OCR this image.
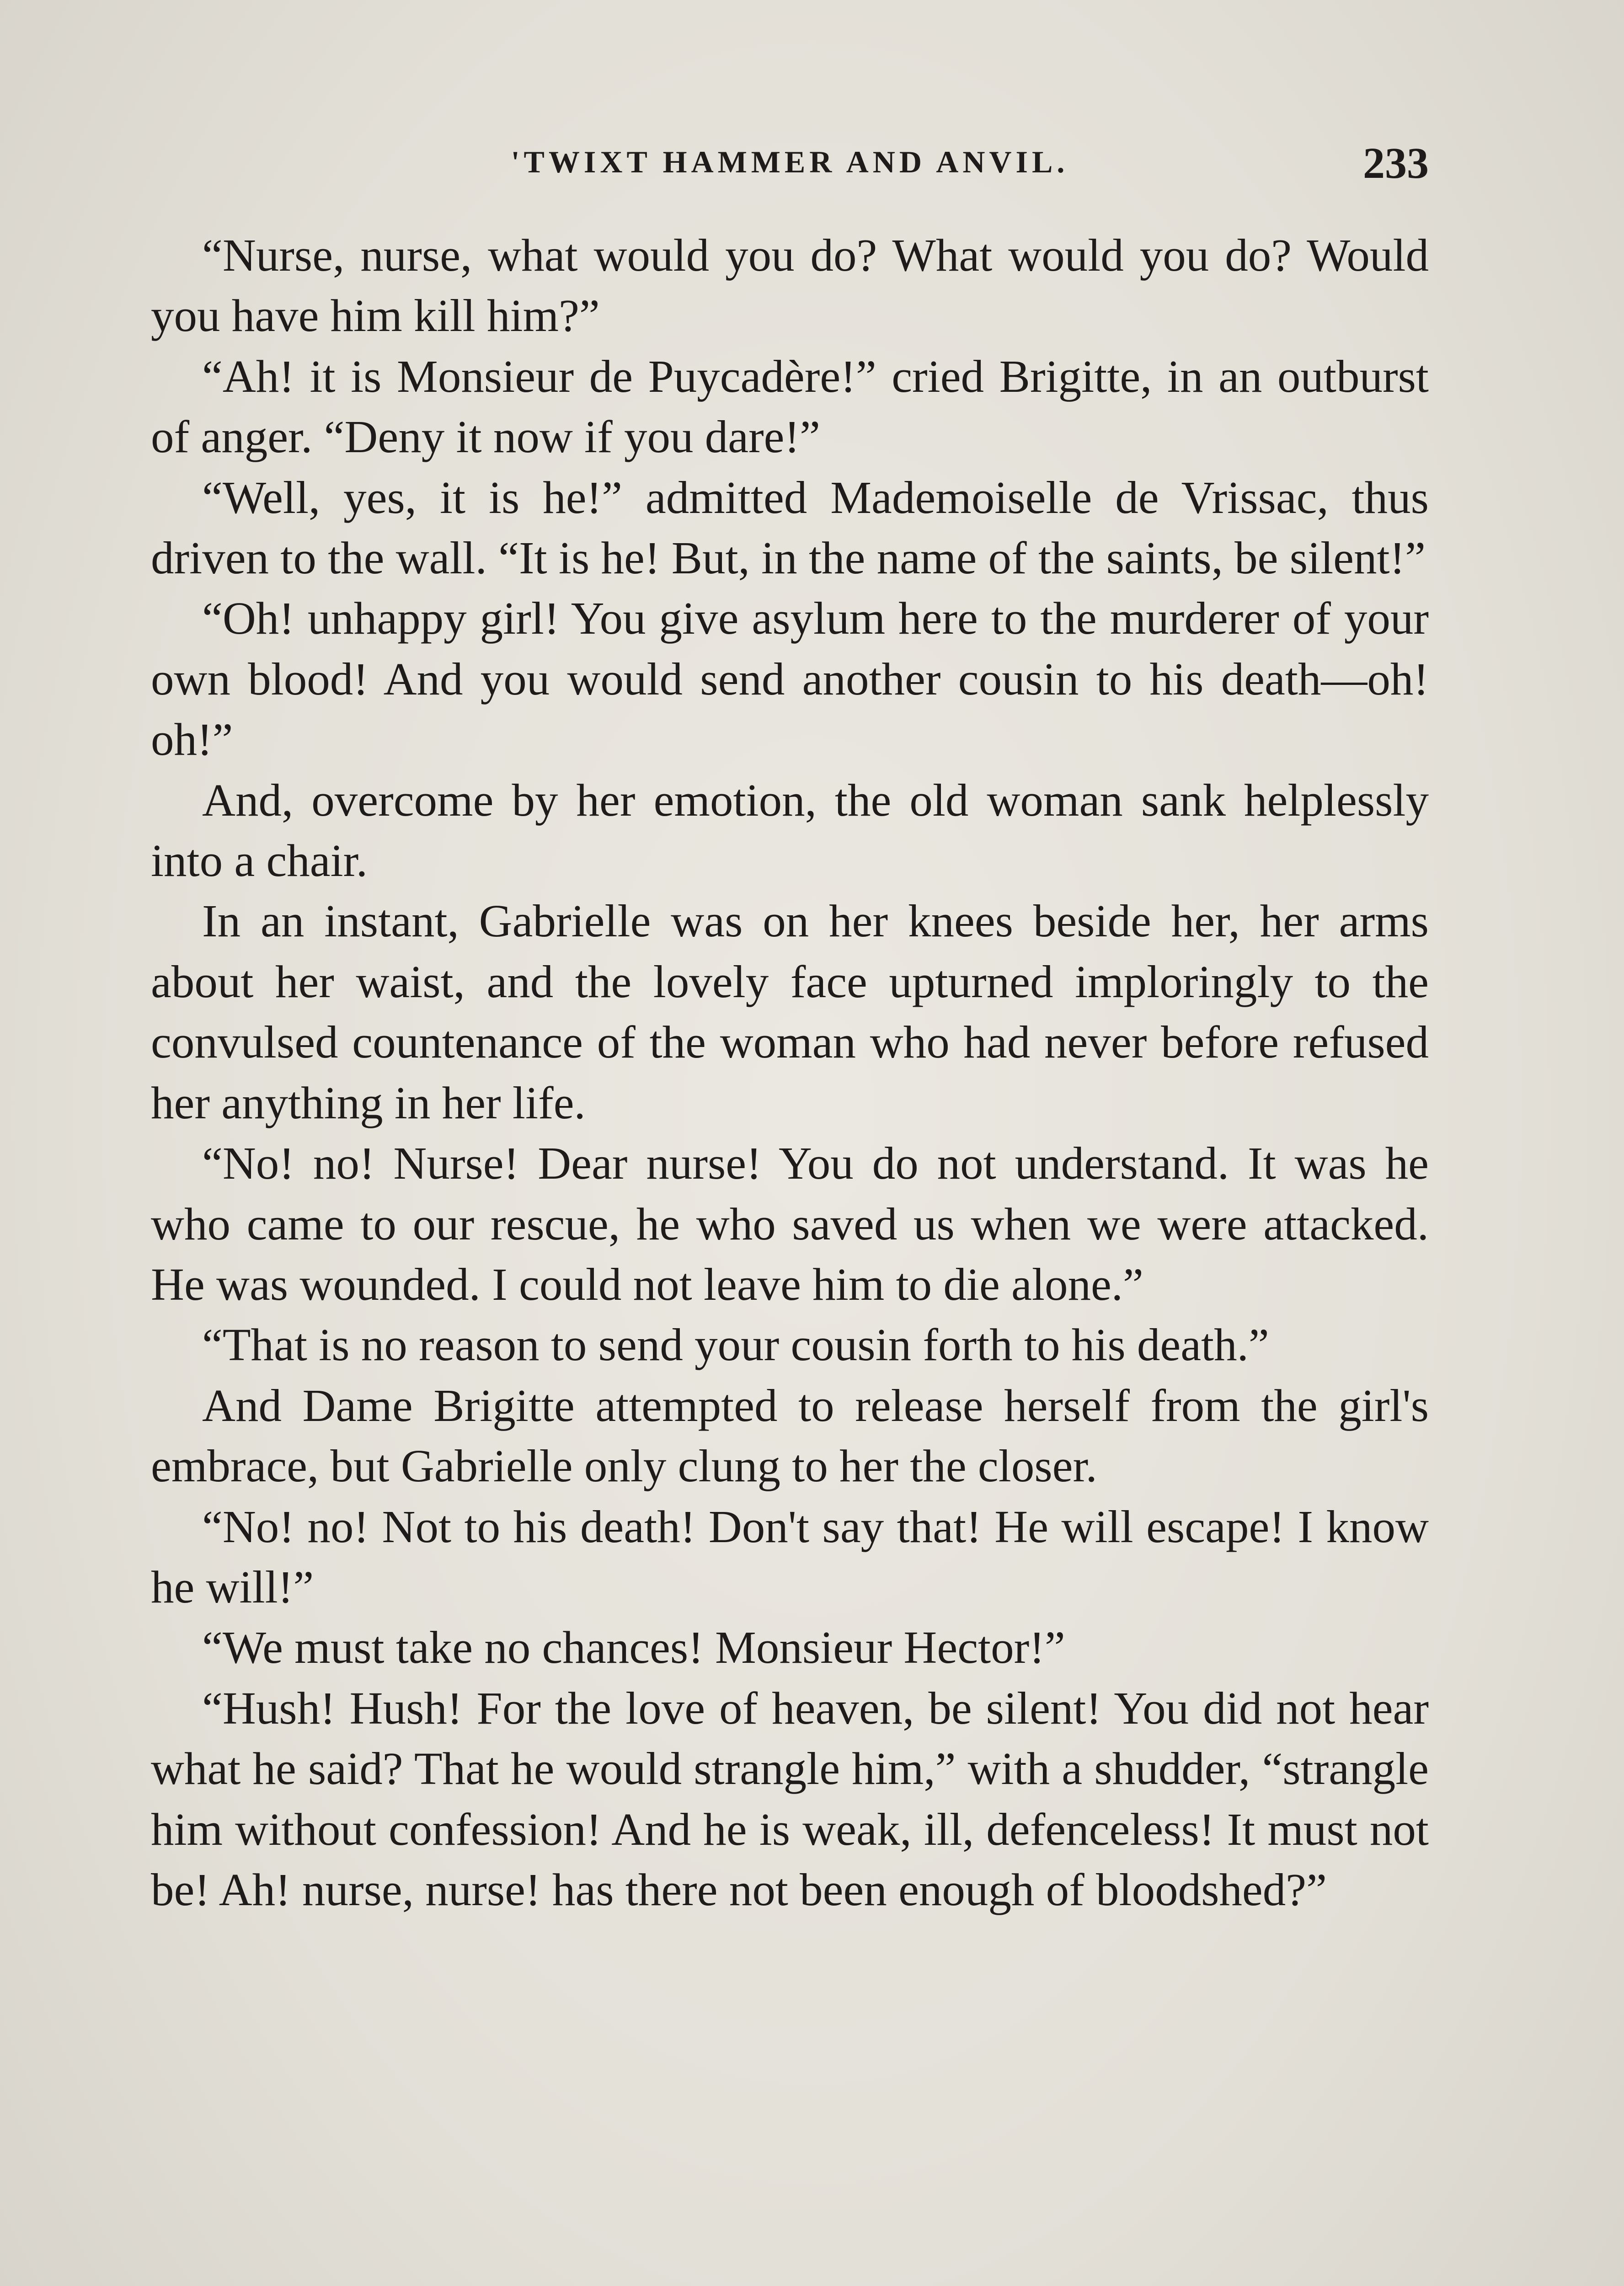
'TWIXT HAMMER AND ANVIL.	233

“Nurse, nurse, what would you do? What would you do? Would you have him kill him?”

“Ah! it is Monsieur de Puycadère!” cried Brigitte, in an outburst of anger. “Deny it now if you dare!”

“Well, yes, it is he!” admitted Mademoiselle de Vrissac, thus driven to the wall. “It is he! But, in the name of the saints, be silent!”

“Oh! unhappy girl! You give asylum here to the murderer of your own blood! And you would send another cousin to his death—oh! oh!”

And, overcome by her emotion, the old woman sank helplessly into a chair.

In an instant, Gabrielle was on her knees beside her, her arms about her waist, and the lovely face upturned imploringly to the convulsed countenance of the woman who had never before refused her anything in her life.

“No! no! Nurse! Dear nurse! You do not understand. It was he who came to our rescue, he who saved us when we were attacked. He was wounded. I could not leave him to die alone.”

“That is no reason to send your cousin forth to his death.”

And Dame Brigitte attempted to release herself from the girl's embrace, but Gabrielle only clung to her the closer.

“No! no! Not to his death! Don't say that! He will escape! I know he will!”

“We must take no chances! Monsieur Hector!”

“Hush! Hush! For the love of heaven, be silent! You did not hear what he said? That he would strangle him,” with a shudder, “strangle him without confession! And he is weak, ill, defenceless! It must not be! Ah! nurse, nurse! has there not been enough of bloodshed?”
